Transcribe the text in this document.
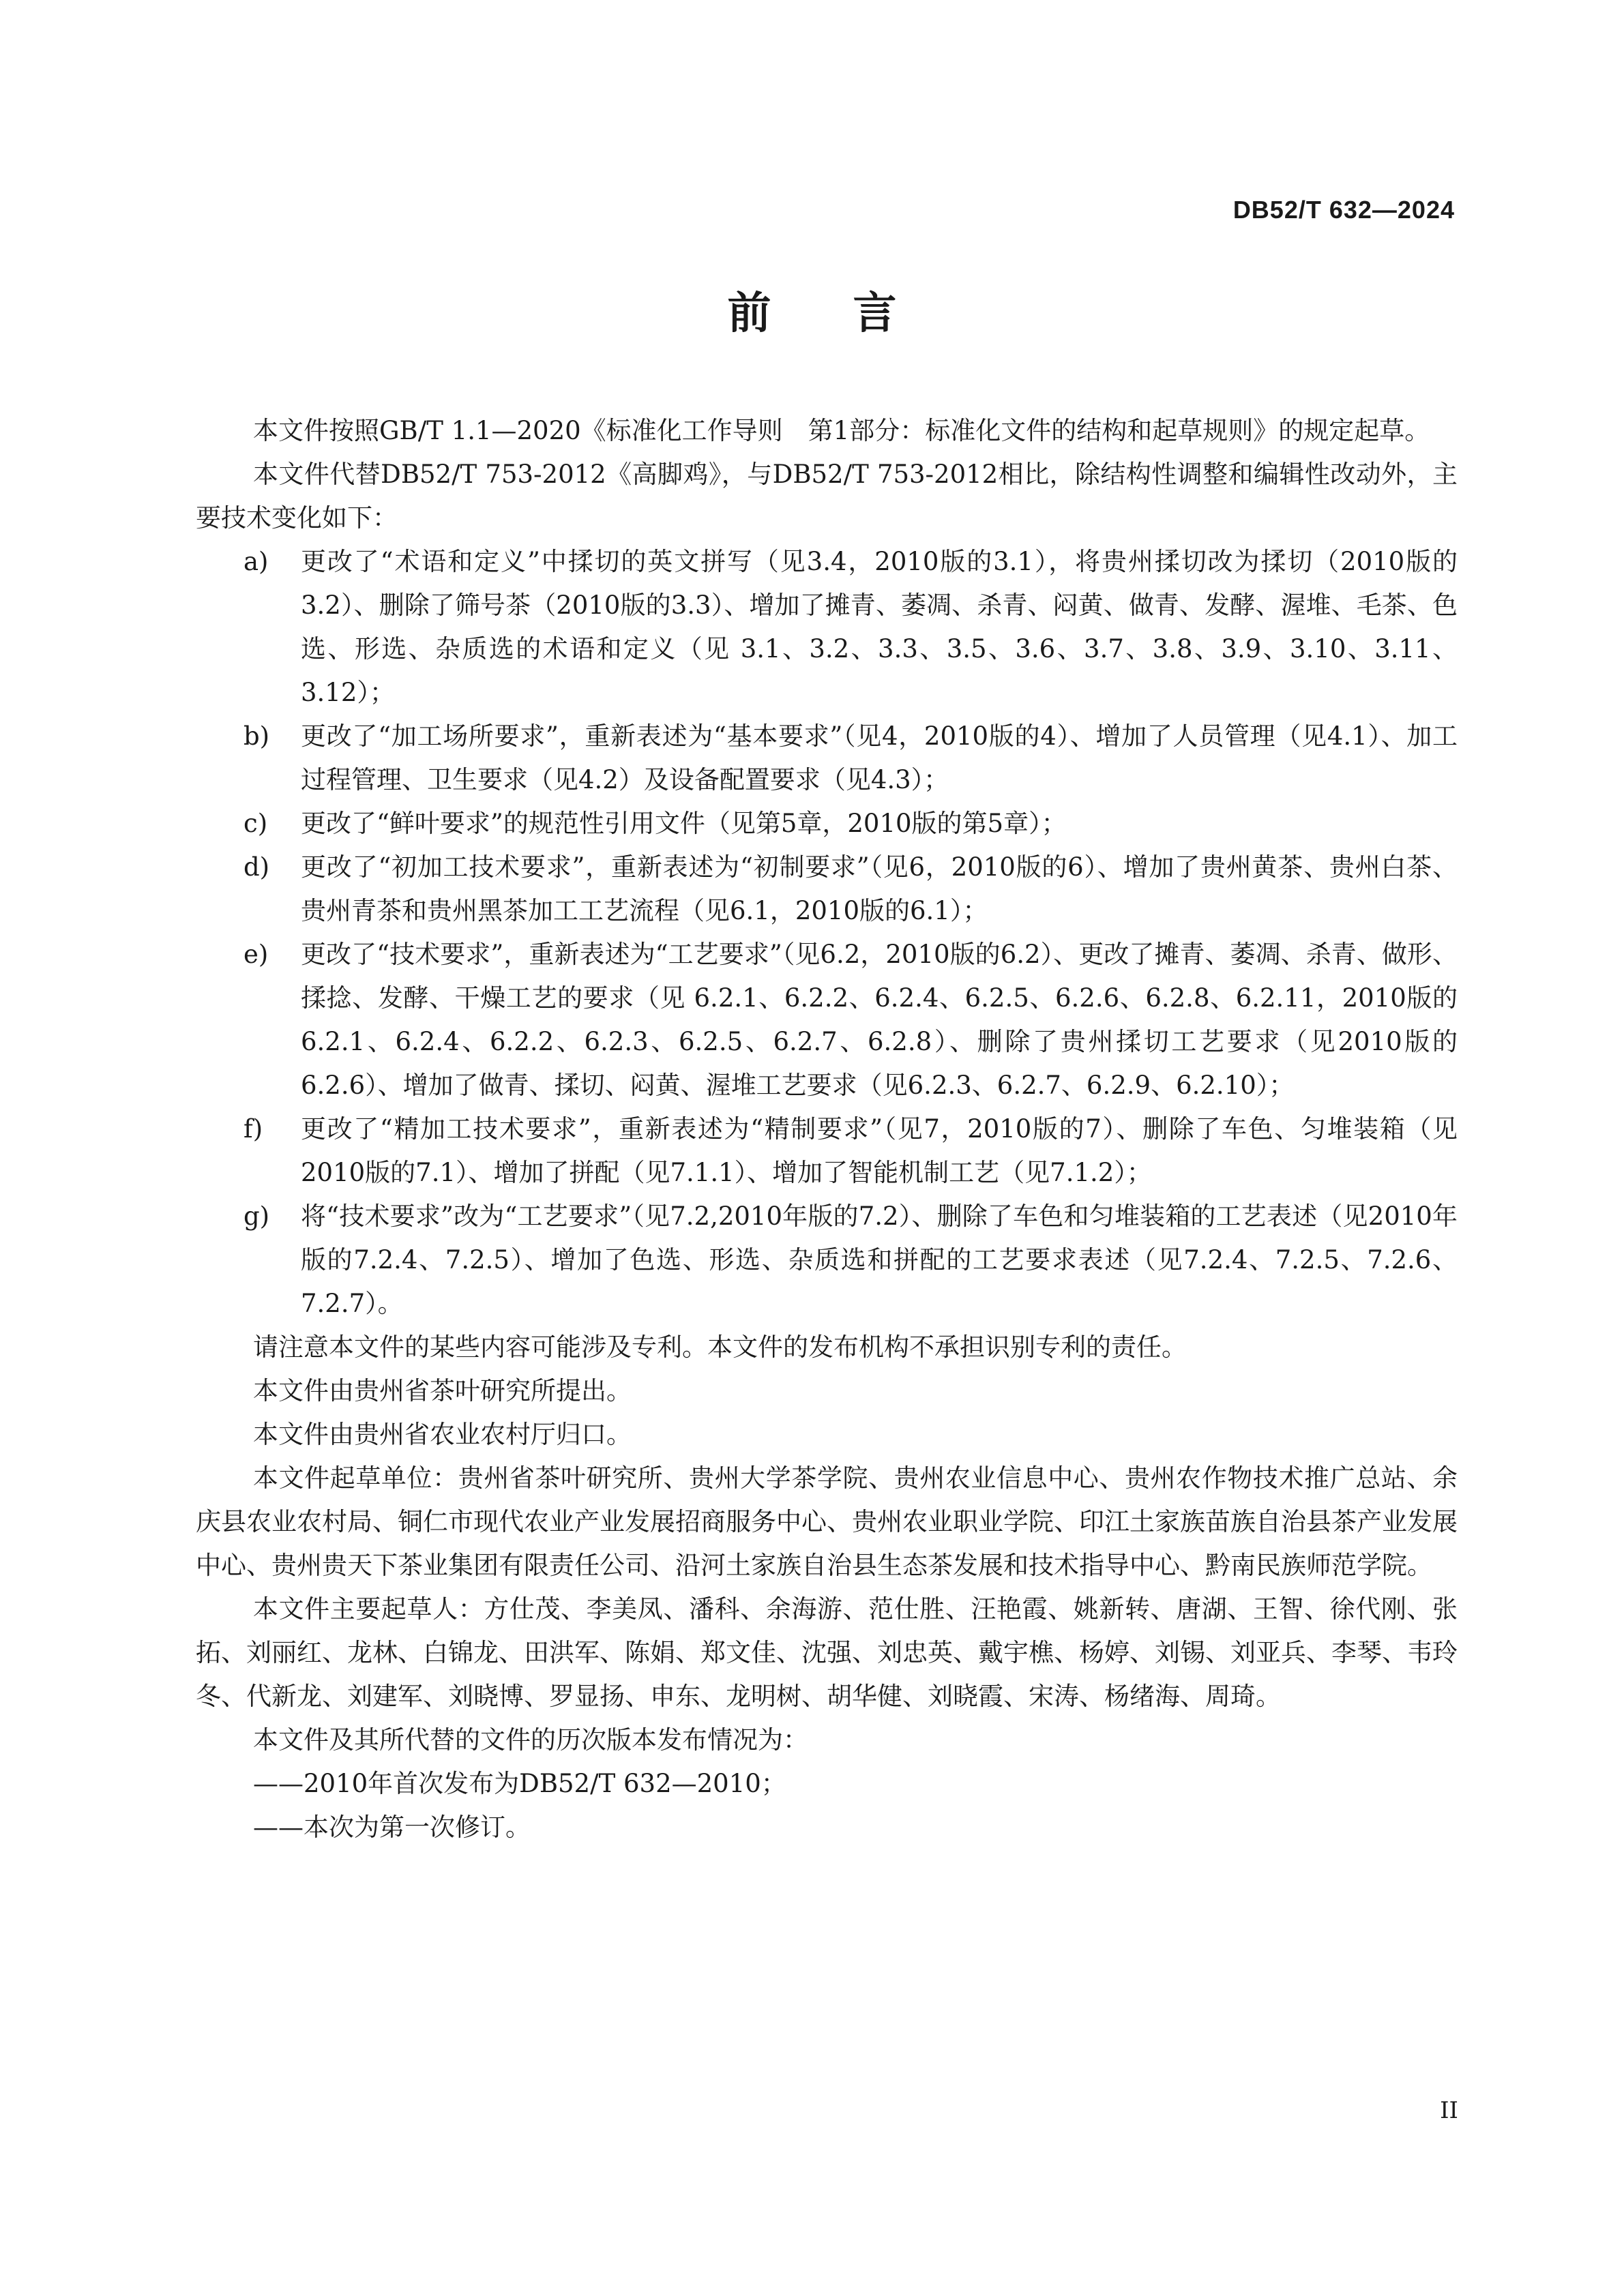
DB52/T 632—2024
前言

本文件按照GB/T 1.1—2020《标准化工作导则　第1部分：标准化文件的结构和起草规则》的规定起草。

本文件代替DB52/T 753-2012《高脚鸡》，与DB52/T 753-2012相比，除结构性调整和编辑性改动外，主要技术变化如下：

a)	更改了“术语和定义”中揉切的英文拼写（见3.4，2010版的3.1），将贵州揉切改为揉切（2010版的3.2）、删除了筛号茶（2010版的3.3）、增加了摊青、萎凋、杀青、闷黄、做青、发酵、渥堆、毛茶、色选、形选、杂质选的术语和定义（见 3.1、3.2、3.3、3.5、3.6、3.7、3.8、3.9、3.10、3.11、3.12）；
b)	更改了“加工场所要求”，重新表述为“基本要求”（见4，2010版的4）、增加了人员管理（见4.1）、加工过程管理、卫生要求（见4.2）及设备配置要求（见4.3）；
c)	更改了“鲜叶要求”的规范性引用文件（见第5章，2010版的第5章）；
d)	更改了“初加工技术要求”，重新表述为“初制要求”（见6，2010版的6）、增加了贵州黄茶、贵州白茶、贵州青茶和贵州黑茶加工工艺流程（见6.1，2010版的6.1）；
e)	更改了“技术要求”，重新表述为“工艺要求”（见6.2，2010版的6.2）、更改了摊青、萎凋、杀青、做形、揉捻、发酵、干燥工艺的要求（见 6.2.1、6.2.2、6.2.4、6.2.5、6.2.6、6.2.8、6.2.11，2010版的6.2.1、6.2.4、6.2.2、6.2.3、6.2.5、6.2.7、6.2.8）、删除了贵州揉切工艺要求（见2010版的6.2.6）、增加了做青、揉切、闷黄、渥堆工艺要求（见6.2.3、6.2.7、6.2.9、6.2.10）；
f)	更改了“精加工技术要求”，重新表述为“精制要求”（见7，2010版的7）、删除了车色、匀堆装箱（见2010版的7.1）、增加了拼配（见7.1.1）、增加了智能机制工艺（见7.1.2）；
g)	将“技术要求”改为“工艺要求”（见7.2,2010年版的7.2）、删除了车色和匀堆装箱的工艺表述（见2010年版的7.2.4、7.2.5）、增加了色选、形选、杂质选和拼配的工艺要求表述（见7.2.4、7.2.5、7.2.6、7.2.7）。

请注意本文件的某些内容可能涉及专利。本文件的发布机构不承担识别专利的责任。

本文件由贵州省茶叶研究所提出。

本文件由贵州省农业农村厅归口。

本文件起草单位：贵州省茶叶研究所、贵州大学茶学院、贵州农业信息中心、贵州农作物技术推广总站、余庆县农业农村局、铜仁市现代农业产业发展招商服务中心、贵州农业职业学院、印江土家族苗族自治县茶产业发展中心、贵州贵天下茶业集团有限责任公司、沿河土家族自治县生态茶发展和技术指导中心、黔南民族师范学院。

本文件主要起草人：方仕茂、李美凤、潘科、余海游、范仕胜、汪艳霞、姚新转、唐湖、王智、徐代刚、张拓、刘丽红、龙林、白锦龙、田洪军、陈娟、郑文佳、沈强、刘忠英、戴宇樵、杨婷、刘锡、刘亚兵、李琴、韦玲冬、代新龙、刘建军、刘晓博、罗显扬、申东、龙明树、胡华健、刘晓霞、宋涛、杨绪海、周琦。

本文件及其所代替的文件的历次版本发布情况为：

——2010年首次发布为DB52/T 632—2010；

——本次为第一次修订。

II
